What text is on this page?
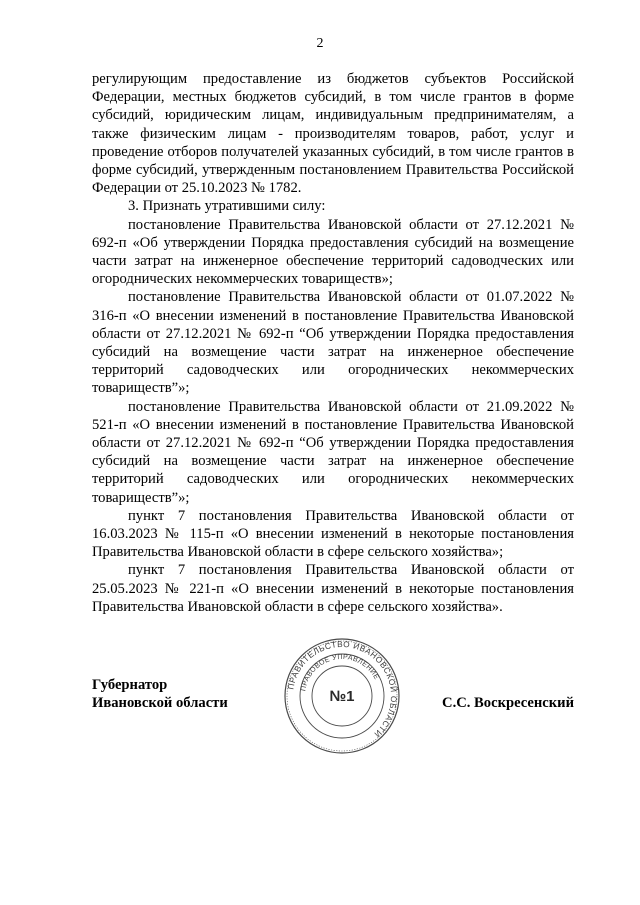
2

регулирующим предоставление из бюджетов субъектов Российской Федерации, местных бюджетов субсидий, в том числе грантов в форме субсидий, юридическим лицам, индивидуальным предпринимателям, а также физическим лицам - производителям товаров, работ, услуг и проведение отборов получателей указанных субсидий, в том числе грантов в форме субсидий, утвержденным постановлением Правительства Российской Федерации от 25.10.2023 № 1782.

3. Признать утратившими силу:

постановление Правительства Ивановской области от 27.12.2021 № 692-п «Об утверждении Порядка предоставления субсидий на возмещение части затрат на инженерное обеспечение территорий садоводческих или огороднических некоммерческих товариществ»;

постановление Правительства Ивановской области от 01.07.2022 № 316-п «О внесении изменений в постановление Правительства Ивановской области от 27.12.2021 № 692-п “Об утверждении Порядка предоставления субсидий на возмещение части затрат на инженерное обеспечение территорий садоводческих или огороднических некоммерческих товариществ”»;

постановление Правительства Ивановской области от 21.09.2022 № 521-п «О внесении изменений в постановление Правительства Ивановской области от 27.12.2021 № 692-п “Об утверждении Порядка предоставления субсидий на возмещение части затрат на инженерное обеспечение территорий садоводческих или огороднических некоммерческих товариществ”»;

пункт 7 постановления Правительства Ивановской области от 16.03.2023 № 115-п «О внесении изменений в некоторые постановления Правительства Ивановской области в сфере сельского хозяйства»;

пункт 7 постановления Правительства Ивановской области от 25.05.2023 № 221-п «О внесении изменений в некоторые постановления Правительства Ивановской области в сфере сельского хозяйства».

Губернатор
Ивановской области
ПРАВИТЕЛЬСТВО ИВАНОВСКОЙ ОБЛАСТИ
ПРАВОВОЕ УПРАВЛЕНИЕ
№1	С.С. Воскресенский
